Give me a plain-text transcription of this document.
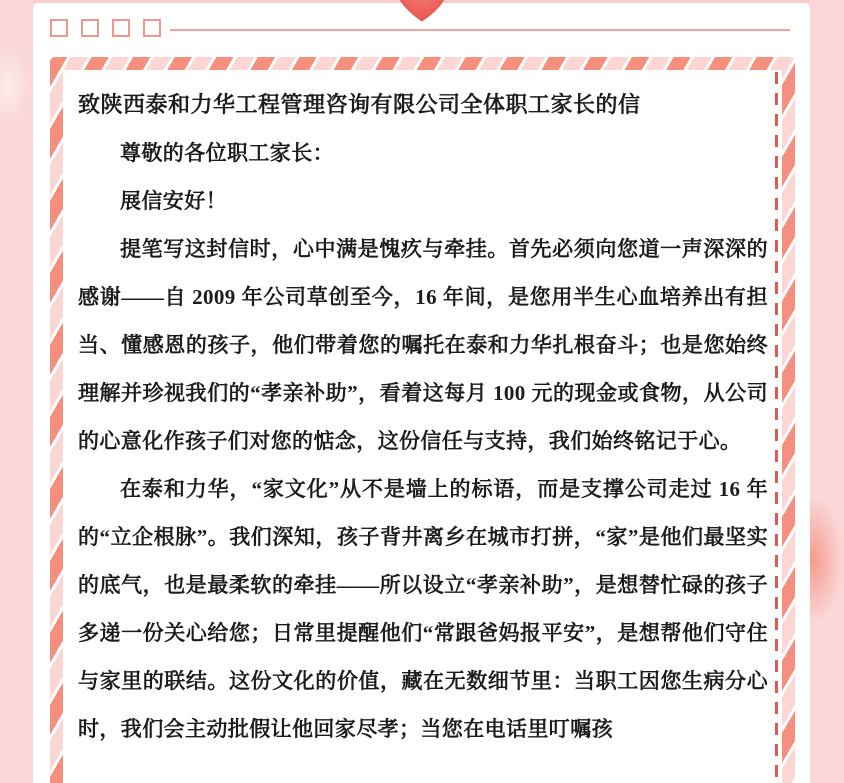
致陕西泰和力华工程管理咨询有限公司全体职工家长的信

尊敬的各位职工家长：

展信安好！

提笔写这封信时，心中满是愧疚与牵挂。首先必须向您道一声深深的感谢——自 2009 年公司草创至今，16 年间，是您用半生心血培养出有担当、懂感恩的孩子，他们带着您的嘱托在泰和力华扎根奋斗；也是您始终理解并珍视我们的“孝亲补助”，看着这每月 100 元的现金或食物，从公司的心意化作孩子们对您的惦念，这份信任与支持，我们始终铭记于心。

在泰和力华，“家文化”从不是墙上的标语，而是支撑公司走过 16 年的“立企根脉”。我们深知，孩子背井离乡在城市打拼，“家”是他们最坚实的底气，也是最柔软的牵挂——所以设立“孝亲补助”，是想替忙碌的孩子多递一份关心给您；日常里提醒他们“常跟爸妈报平安”，是想帮他们守住与家里的联结。这份文化的价值，藏在无数细节里：当职工因您生病分心时，我们会主动批假让他回家尽孝；当您在电话里叮嘱孩
